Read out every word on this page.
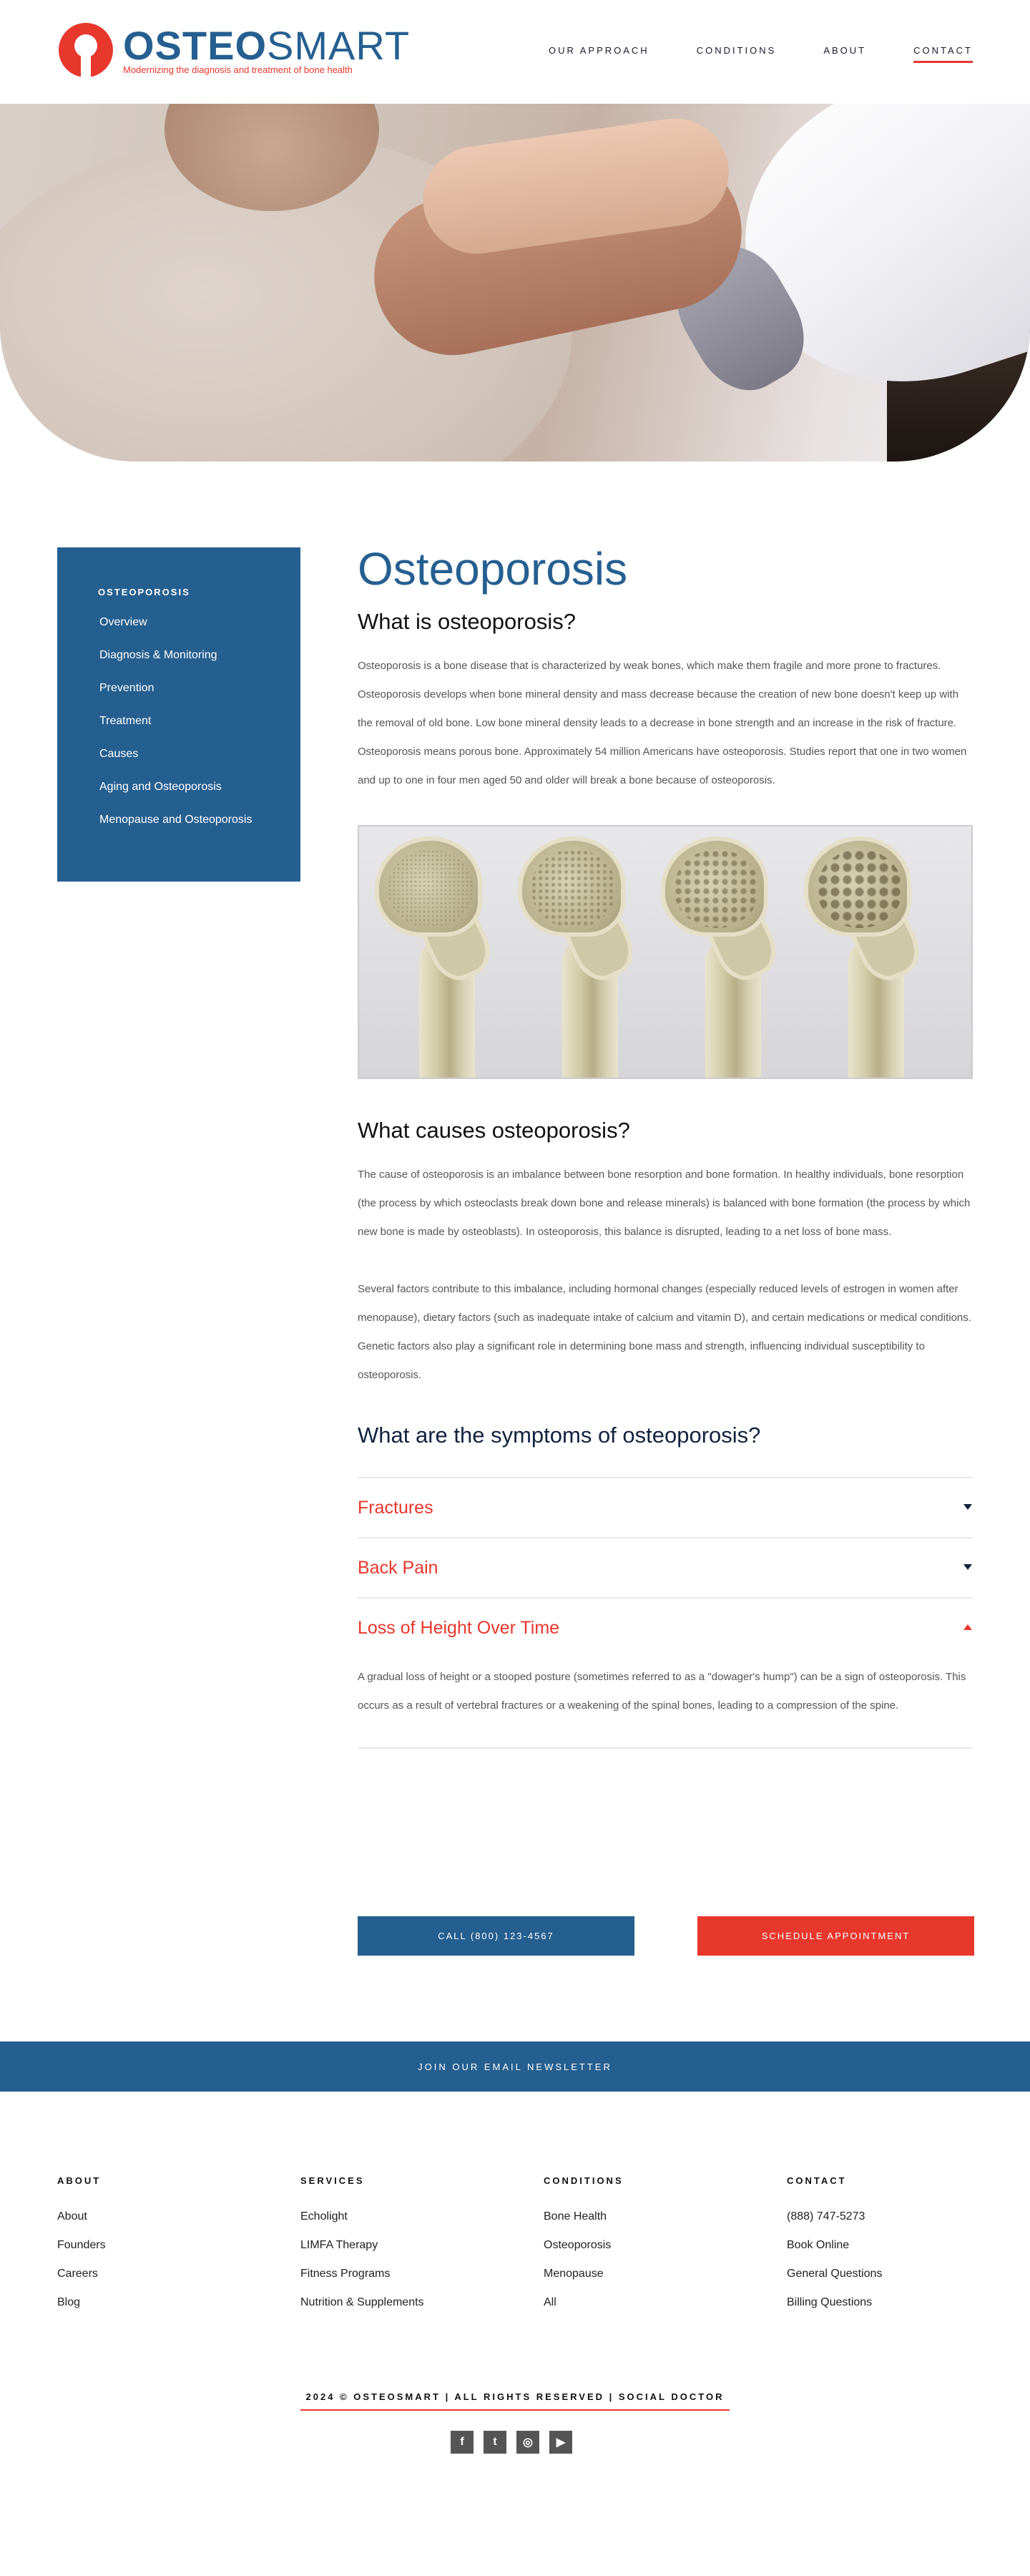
OSTEOSMART
Modernizing the diagnosis and treatment of bone health
OUR APPROACH	CONDITIONS	ABOUT	CONTACT
OSTEOPOROSIS
Overview
Diagnosis & Monitoring
Prevention
Treatment
Causes
Aging and Osteoporosis
Menopause and Osteoporosis
Osteoporosis
What is osteoporosis?

Osteoporosis is a bone disease that is characterized by weak bones, which make them fragile and more prone to fractures. Osteoporosis develops when bone mineral density and mass decrease because the creation of new bone doesn't keep up with the removal of old bone. Low bone mineral density leads to a decrease in bone strength and an increase in the risk of fracture. Osteoporosis means porous bone. Approximately 54 million Americans have osteoporosis. Studies report that one in two women and up to one in four men aged 50 and older will break a bone because of osteoporosis.

What causes osteoporosis?

The cause of osteoporosis is an imbalance between bone resorption and bone formation. In healthy individuals, bone resorption (the process by which osteoclasts break down bone and release minerals) is balanced with bone formation (the process by which new bone is made by osteoblasts). In osteoporosis, this balance is disrupted, leading to a net loss of bone mass.

Several factors contribute to this imbalance, including hormonal changes (especially reduced levels of estrogen in women after menopause), dietary factors (such as inadequate intake of calcium and vitamin D), and certain medications or medical conditions. Genetic factors also play a significant role in determining bone mass and strength, influencing individual susceptibility to osteoporosis.

What are the symptoms of osteoporosis?
Fractures
Back Pain
Loss of Height Over Time

A gradual loss of height or a stooped posture (sometimes referred to as a "dowager's hump") can be a sign of osteoporosis. This occurs as a result of vertebral fractures or a weakening of the spinal bones, leading to a compression of the spine.

CALL (800) 123-4567	SCHEDULE APPOINTMENT
JOIN OUR EMAIL NEWSLETTER
ABOUT
About
Founders
Careers
Blog
SERVICES
Echolight
LIMFA Therapy
Fitness Programs
Nutrition & Supplements
CONDITIONS
Bone Health
Osteoporosis
Menopause
All
CONTACT
(888) 747-5273
Book Online
General Questions
Billing Questions
2024 © OSTEOSMART | ALL RIGHTS RESERVED | SOCIAL DOCTOR
f	t	◎	▶
